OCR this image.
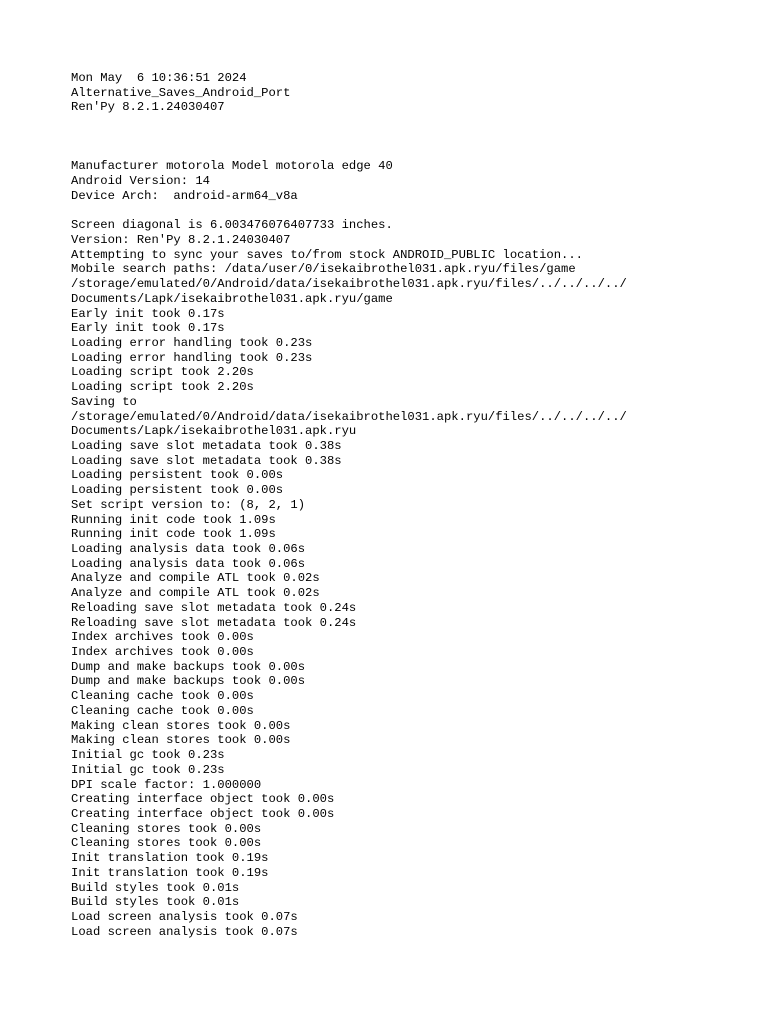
Mon May  6 10:36:51 2024
Alternative_Saves_Android_Port
Ren'Py 8.2.1.24030407
Manufacturer motorola Model motorola edge 40
Android Version: 14
Device Arch:  android-arm64_v8a
Screen diagonal is 6.003476076407733 inches.
Version: Ren'Py 8.2.1.24030407
Attempting to sync your saves to/from stock ANDROID_PUBLIC location...
Mobile search paths: /data/user/0/isekaibrothel031.apk.ryu/files/game
/storage/emulated/0/Android/data/isekaibrothel031.apk.ryu/files/../../../../
Documents/Lapk/isekaibrothel031.apk.ryu/game
Early init took 0.17s
Early init took 0.17s
Loading error handling took 0.23s
Loading error handling took 0.23s
Loading script took 2.20s
Loading script took 2.20s
Saving to
/storage/emulated/0/Android/data/isekaibrothel031.apk.ryu/files/../../../../
Documents/Lapk/isekaibrothel031.apk.ryu
Loading save slot metadata took 0.38s
Loading save slot metadata took 0.38s
Loading persistent took 0.00s
Loading persistent took 0.00s
Set script version to: (8, 2, 1)
Running init code took 1.09s
Running init code took 1.09s
Loading analysis data took 0.06s
Loading analysis data took 0.06s
Analyze and compile ATL took 0.02s
Analyze and compile ATL took 0.02s
Reloading save slot metadata took 0.24s
Reloading save slot metadata took 0.24s
Index archives took 0.00s
Index archives took 0.00s
Dump and make backups took 0.00s
Dump and make backups took 0.00s
Cleaning cache took 0.00s
Cleaning cache took 0.00s
Making clean stores took 0.00s
Making clean stores took 0.00s
Initial gc took 0.23s
Initial gc took 0.23s
DPI scale factor: 1.000000
Creating interface object took 0.00s
Creating interface object took 0.00s
Cleaning stores took 0.00s
Cleaning stores took 0.00s
Init translation took 0.19s
Init translation took 0.19s
Build styles took 0.01s
Build styles took 0.01s
Load screen analysis took 0.07s
Load screen analysis took 0.07s
